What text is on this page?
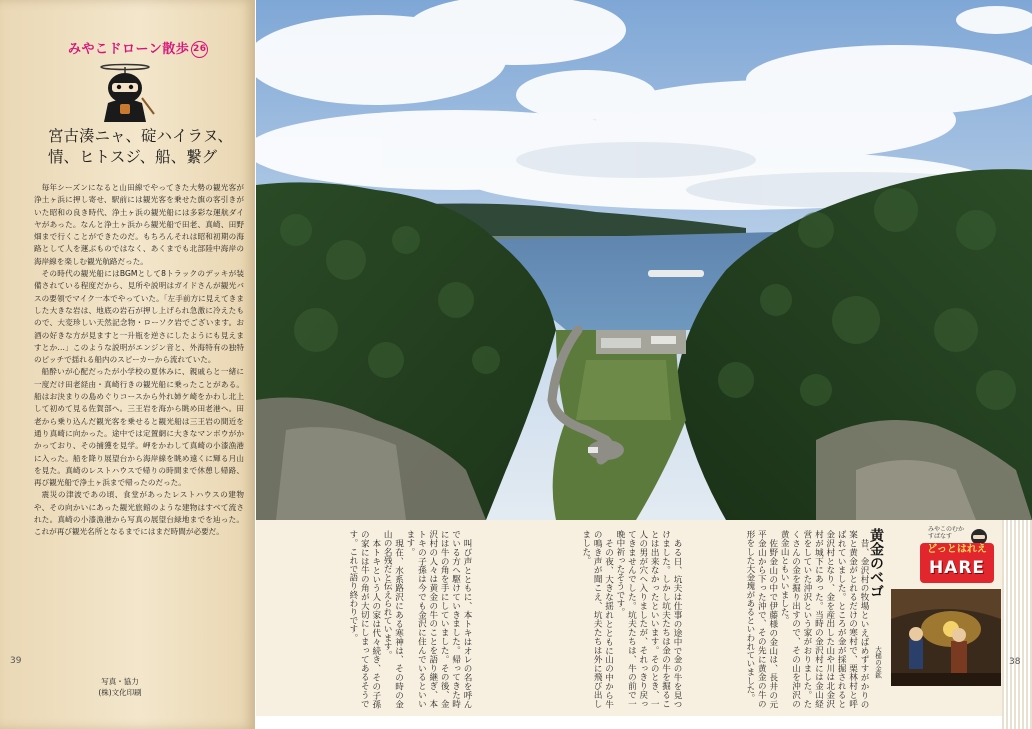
みやこドローン散歩 26
宮古湊ニャ、碇ハイラヌ、
情、ヒトスジ、船、繋グ

毎年シーズンになると山田線でやってきた大勢の観光客が浄土ヶ浜に押し寄せ、駅前には観光客を乗せた旗の客引きがいた昭和の良き時代、浄土ヶ浜の観光船には多彩な運航ダイヤがあった。なんと浄土ヶ浜から観光船で田老、真崎、田野畑まで行くことができたのだ。もちろんそれは昭和初期の海路として人を運ぶものではなく、あくまでも北部陸中海岸の海岸線を楽しむ観光航路だった。

その時代の観光船にはBGMとして8トラックのデッキが装備されている程度だから、見所や説明はガイドさんが観光バスの要領でマイク一本でやっていた。「左手前方に見えてきました大きな岩は、地底の岩石が押し上げられ急激に冷えたもので、大変珍しい天然記念物・ローソク岩でございます。お酒の好きな方が見ますと一升瓶を逆さにしたようにも見えますとか…」このような説明がエンジン音と、外海特有の独特のピッチで揺れる船内のスピーカーから流れていた。

船酔いが心配だったが小学校の夏休みに、親戚らと一緒に一度だけ田老経由・真崎行きの観光船に乗ったことがある。船はお決まりの島めぐりコースから外れ姉ケ崎をかわし北上して初めて見る佐賀部へ。三王岩を海から眺め田老港へ。田老から乗り込んだ観光客を乗せると観光船は三王岩の間近を通り真崎に向かった。途中では定置網に大きなマンボウがかかっており、その捕獲を見学。岬をかわして真崎の小漆漁港に入った。船を降り展望台から海岸線を眺め遠くに輝る月山を見た。真崎のレストハウスで帰りの時間まで休憩し帰路、再び観光船で浄土ヶ浜まで帰ったのだった。

震災の津波であの頃、食堂があったレストハウスの建物や、その向かいにあった観光旅館のような建物はすべて流された。真崎の小漆漁港から写真の展望台緑地までを辿った。これが再び観光名所となるまでにはまだ時間が必要だ。

39
写真・協力
(株)文化印刷
黄金のベゴ

昔、金沢村の牧場といえばめずすがかりの案と黄金がとれるだけの寒村で、栗林村と呼ばれていました。ところが金が採掘されると金沢村となり、金を産出した山や川は北金沢村が城下にあった。当時の金沢村には金山経営をしていた沖沢という家がおりました。たくさんの金を掘り出すので、その山を沖沢の黄金山ともいいました。

佐野金山の中で伊藤様の金山は、長井の元平金山から下った沖で、その先に黄金の牛の形をした大金塊があるといわれていました。

ある日、坑夫は仕事の途中で金の牛を見つけました。しかし坑夫たちは金の牛を掘ることは出来なかったといいます。そのとき、一人の男が穴へ入りましたが、それっきり戻ってきませんでした。坑夫たちは、牛の前で一晩中祈ったそうです。

その夜、大きな揺れとともに山の中から牛の鳴き声が聞こえ、坑夫たちは外に飛び出しました。

叫び声とともに、本トキはオレの名を呼んでいる方へ駆けていきました。帰ってきた時には牛の角を手にしていました。その後、金沢村の人々は黄金の牛のことを語り継ぎ、本トキの子孫は今でも金沢に住んでいるといいます。

現在、水系路沢にある寒神は、その時の金山の名残だと伝えられています。

本トキという人の家は代々続き、その子孫の家には牛の角が大切にしまってあるそうです。これで語り終わりです。

みやこのむかすばなす
どっとはれえ
HARE
大槌の金鉱	38
